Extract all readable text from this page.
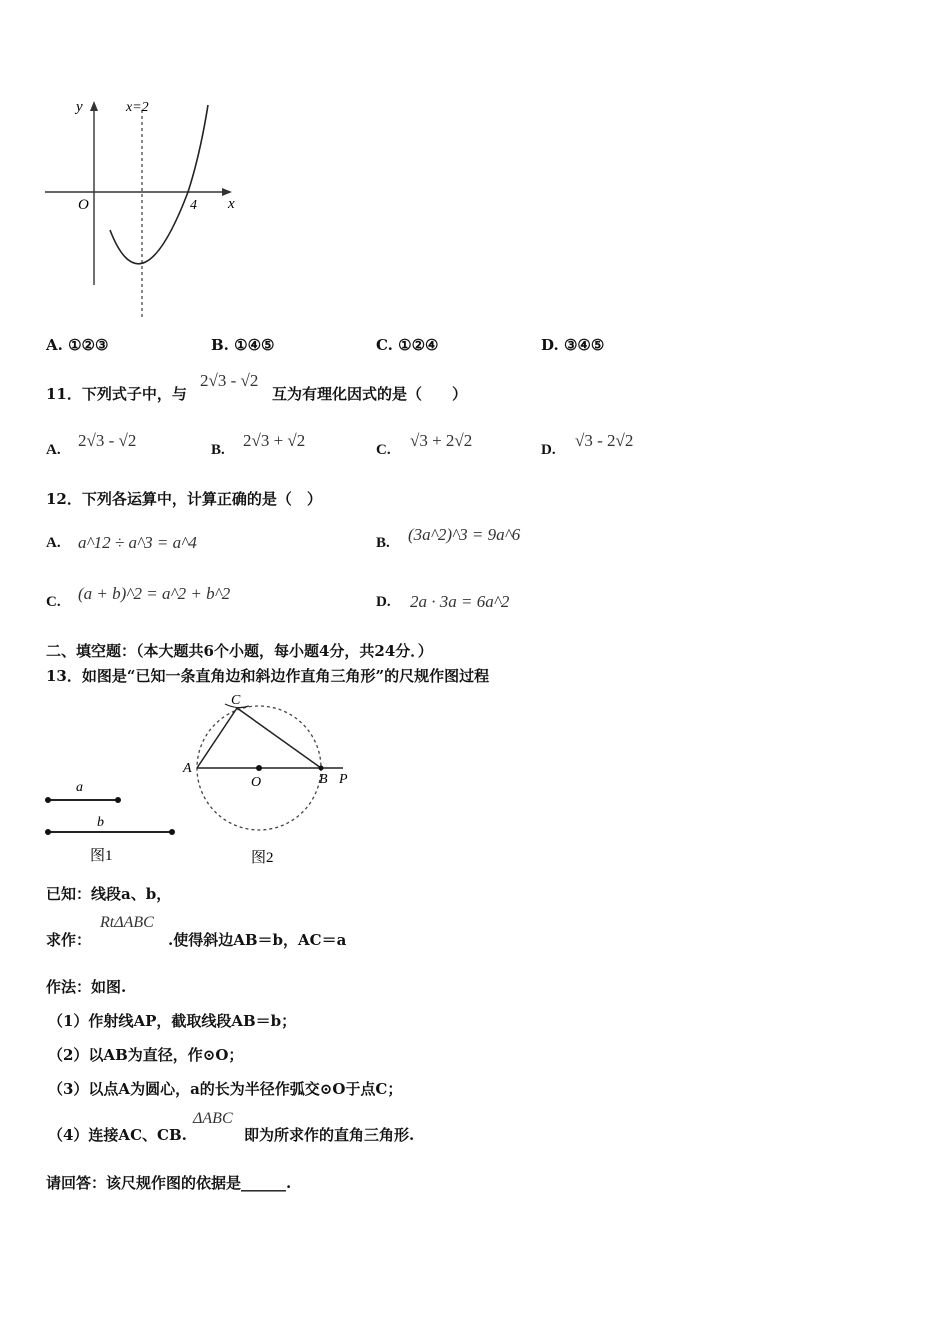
y
x
O
x=2
4
A. ①②③	B. ①④⑤	C. ①②④	D. ③④⑤
11．下列式子中，与
2√3 - √2
互为有理化因式的是（　　）
A. 2√3 - √2	B. 2√3 + √2	C. √3 + 2√2	D. √3 - 2√2
12．下列各运算中，计算正确的是（　）
A. a^12 ÷ a^3 = a^4	B. (3a^2)^3 = 9a^6
C. (a + b)^2 = a^2 + b^2	D. 2a · 3a = 6a^2
二、填空题：（本大题共6个小题，每小题4分，共24分．）
13．如图是“已知一条直角边和斜边作直角三角形”的尺规作图过程
a
b
图1
C
A
O	B P
图2
已知：线段a、b，
求作：
RtΔABC
.使得斜边AB＝b，AC＝a
作法：如图.
（1）作射线AP，截取线段AB＝b；
（2）以AB为直径，作⊙O；
（3）以点A为圆心，a的长为半径作弧交⊙O于点C；
（4）连接AC、CB.
ΔABC
即为所求作的直角三角形.
请回答：该尺规作图的依据是______.
